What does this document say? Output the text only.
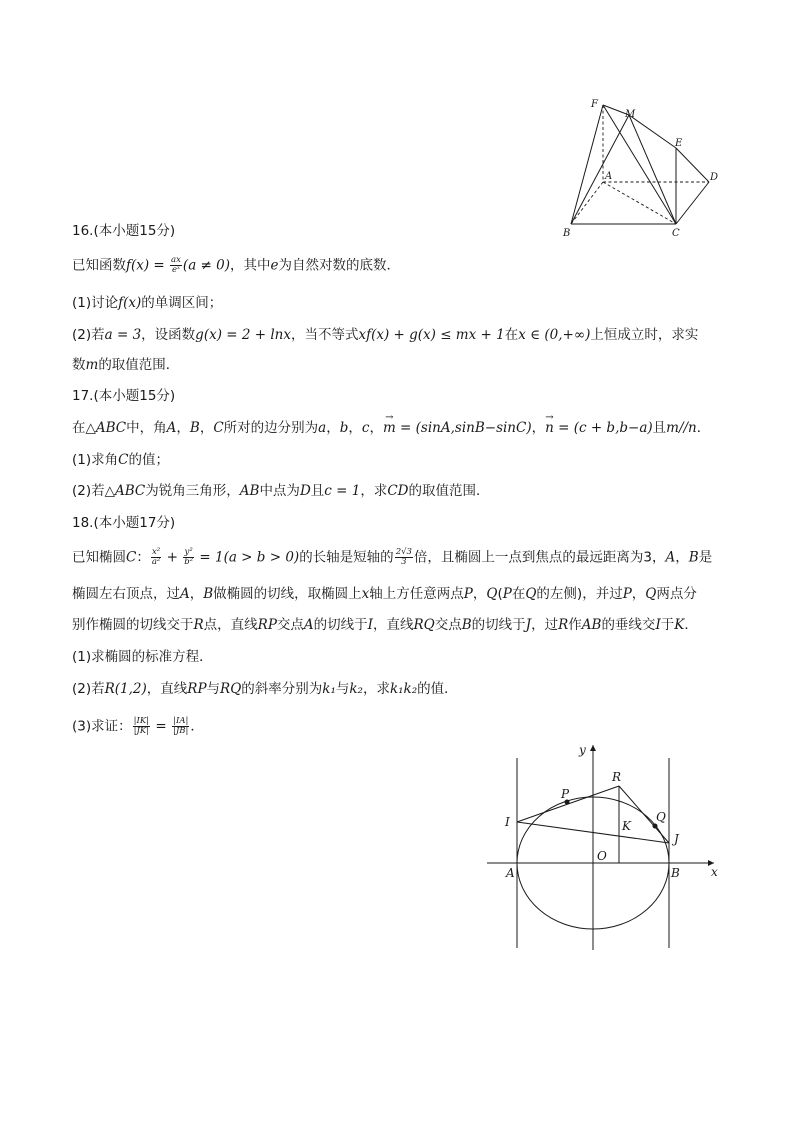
F
M
E
A	D
B	C
16.(本小题15分)
已知函数$f(x) = \frac{ax}{\text{eˣ}} (a \ne 0)$，其中e为自然对数的底数．
(1)讨论f(x)的单调区间；
(2)若a = 3，设函数g(x) = 2 + lnx，当不等式xf(x) + g(x) ≤ mx + 1在x ∈ (0,+∞)上恒成立时，求实
数m的取值范围．
17.(本小题15分)
在△ABC中，角A，B，C所对的边分别为a，b，c，→ m = (sinA,sinB−sinC)，→ n = (c + b,b−a)且m//n．
(1)求角C的值；
(2)若△ABC为锐角三角形，AB中点为D且c = 1，求CD的取值范围．
18.(本小题17分)
已知椭圆C： $\frac{\text{x²}}{\text{a²}} + \frac{\text{y²}}{\text{b²}} = 1(a > b > 0)$的长轴是短轴的 $\frac{2√3}{3}$ 倍，且椭圆上一点到焦点的最远距离为3，A，B是
椭圆左右顶点，过A，B做椭圆的切线，取椭圆上x轴上方任意两点P，Q(P在Q的左侧)，并过P，Q两点分
别作椭圆的切线交于R点，直线RP交点A的切线于I，直线RQ交点B的切线于J，过R作AB的垂线交I于K．
(1)求椭圆的标准方程．
(2)若R(1,2)，直线RP与RQ的斜率分别为k₁与k₂，求k₁k₂的值．
(3)求证： $\frac{|IK|}{|JK|} = \frac{|IA|}{|JB|}$ ．
y
x
R
P
Q
I	K
J
O
A	B
